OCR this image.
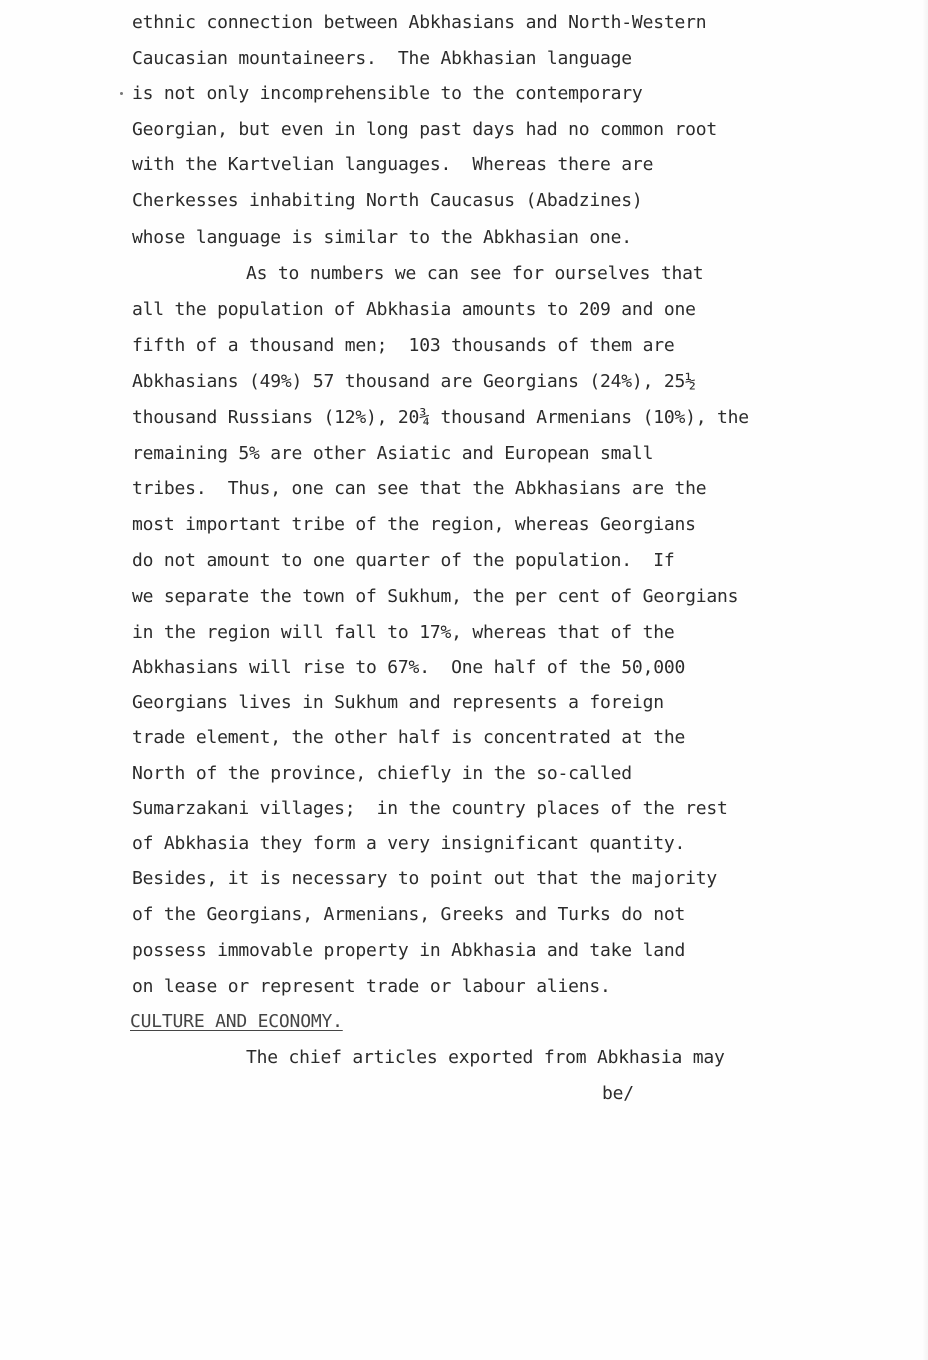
ethnic connection between Abkhasians and North-Western
Caucasian mountaineers.  The Abkhasian language
is not only incomprehensible to the contemporary
Georgian, but even in long past days had no common root
with the Kartvelian languages.  Whereas there are
Cherkesses inhabiting North Caucasus (Abadzines)
whose language is similar to the Abkhasian one.
As to numbers we can see for ourselves that
all the population of Abkhasia amounts to 209 and one
fifth of a thousand men;  103 thousands of them are
Abkhasians (49%) 57 thousand are Georgians (24%), 25½
thousand Russians (12%), 20¾ thousand Armenians (10%), the
remaining 5% are other Asiatic and European small
tribes.  Thus, one can see that the Abkhasians are the
most important tribe of the region, whereas Georgians
do not amount to one quarter of the population.  If
we separate the town of Sukhum, the per cent of Georgians
in the region will fall to 17%, whereas that of the
Abkhasians will rise to 67%.  One half of the 50,000
Georgians lives in Sukhum and represents a foreign
trade element, the other half is concentrated at the
North of the province, chiefly in the so-called
Sumarzakani villages;  in the country places of the rest
of Abkhasia they form a very insignificant quantity.
Besides, it is necessary to point out that the majority
of the Georgians, Armenians, Greeks and Turks do not
possess immovable property in Abkhasia and take land
on lease or represent trade or labour aliens.
CULTURE AND ECONOMY.
The chief articles exported from Abkhasia may
be/
